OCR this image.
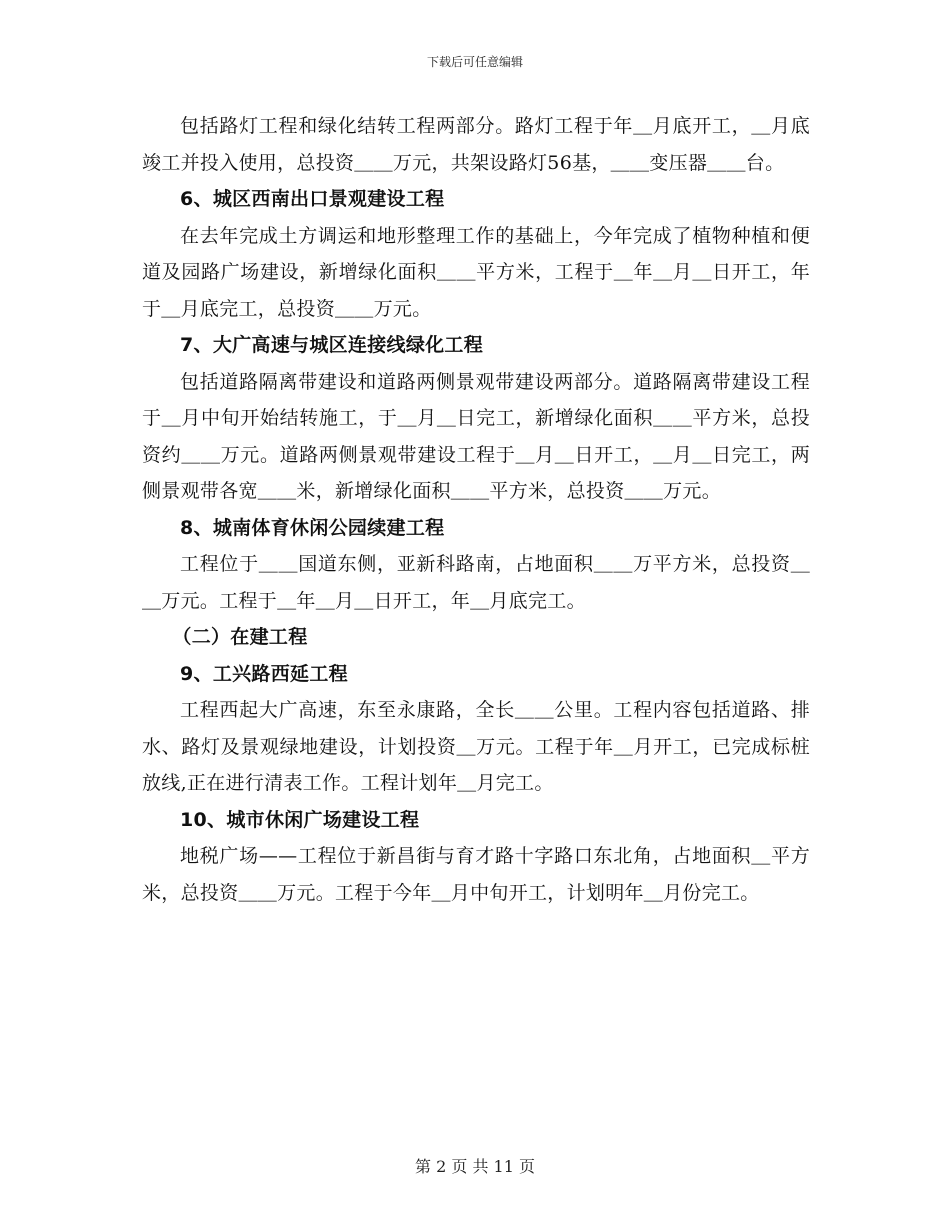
下载后可任意编辑

包括路灯工程和绿化结转工程两部分。路灯工程于年＿月底开工，＿月底竣工并投入使用，总投资＿＿万元，共架设路灯56基，＿＿变压器＿＿台。

6、城区西南出口景观建设工程

在去年完成土方调运和地形整理工作的基础上，今年完成了植物种植和便道及园路广场建设，新增绿化面积＿＿平方米，工程于＿年＿月＿日开工，年于＿月底完工，总投资＿＿万元。

7、大广高速与城区连接线绿化工程

包括道路隔离带建设和道路两侧景观带建设两部分。道路隔离带建设工程于＿月中旬开始结转施工，于＿月＿日完工，新增绿化面积＿＿平方米，总投资约＿＿万元。道路两侧景观带建设工程于＿月＿日开工，＿月＿日完工，两侧景观带各宽＿＿米，新增绿化面积＿＿平方米，总投资＿＿万元。

8、城南体育休闲公园续建工程

工程位于＿＿国道东侧，亚新科路南，占地面积＿＿万平方米，总投资＿＿万元。工程于＿年＿月＿日开工，年＿月底完工。

（二）在建工程

9、工兴路西延工程

工程西起大广高速，东至永康路，全长＿＿公里。工程内容包括道路、排水、路灯及景观绿地建设，计划投资＿万元。工程于年＿月开工，已完成标桩放线,正在进行清表工作。工程计划年＿月完工。

10、城市休闲广场建设工程

地税广场——工程位于新昌街与育才路十字路口东北角，占地面积＿平方米，总投资＿＿万元。工程于今年＿月中旬开工，计划明年＿月份完工。

第 2 页 共 11 页
